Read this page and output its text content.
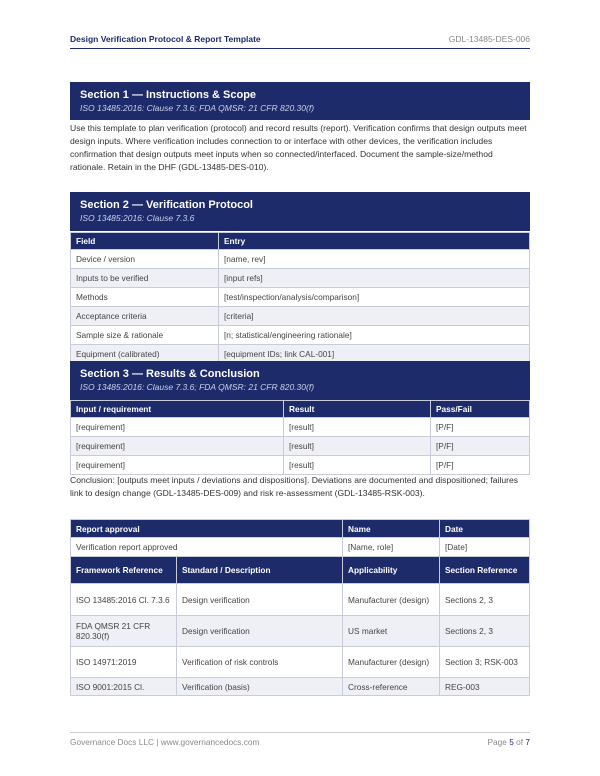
Design Verification Protocol & Report Template	GDL-13485-DES-006
Section 1 — Instructions & Scope
ISO 13485:2016: Clause 7.3.6; FDA QMSR: 21 CFR 820.30(f)
Use this template to plan verification (protocol) and record results (report). Verification confirms that design outputs meet design inputs. Where verification includes connection to or interface with other devices, the verification includes confirmation that design outputs meet inputs when so connected/interfaced. Document the sample-size/method rationale. Retain in the DHF (GDL-13485-DES-010).
Section 2 — Verification Protocol
ISO 13485:2016: Clause 7.3.6
Field	Entry
Device / version	[name, rev]
Inputs to be verified	[input refs]
Methods	[test/inspection/analysis/comparison]
Acceptance criteria	[criteria]
Sample size & rationale	[n; statistical/engineering rationale]
Equipment (calibrated)	[equipment IDs; link CAL-001]
Section 3 — Results & Conclusion
ISO 13485:2016: Clause 7.3.6; FDA QMSR: 21 CFR 820.30(f)
Input / requirement	Result	Pass/Fail
[requirement]	[result]	[P/F]
[requirement]	[result]	[P/F]
[requirement]	[result]	[P/F]
Conclusion: [outputs meet inputs / deviations and dispositions]. Deviations are documented and dispositioned; failures link to design change (GDL-13485-DES-009) and risk re-assessment (GDL-13485-RSK-003).
Report approval		Name	Date
Verification report approved		[Name, role]	[Date]
Framework Reference	Standard / Description	Applicability	Section Reference
ISO 13485:2016 Cl. 7.3.6	Design verification	Manufacturer (design)	Sections 2, 3
FDA QMSR 21 CFR 820.30(f)	Design verification	US market	Sections 2, 3
ISO 14971:2019	Verification of risk controls	Manufacturer (design)	Section 3; RSK-003
ISO 9001:2015 Cl.	Verification (basis)	Cross-reference	REG-003
Governance Docs LLC | www.governancedocs.com	Page 5 of 7
